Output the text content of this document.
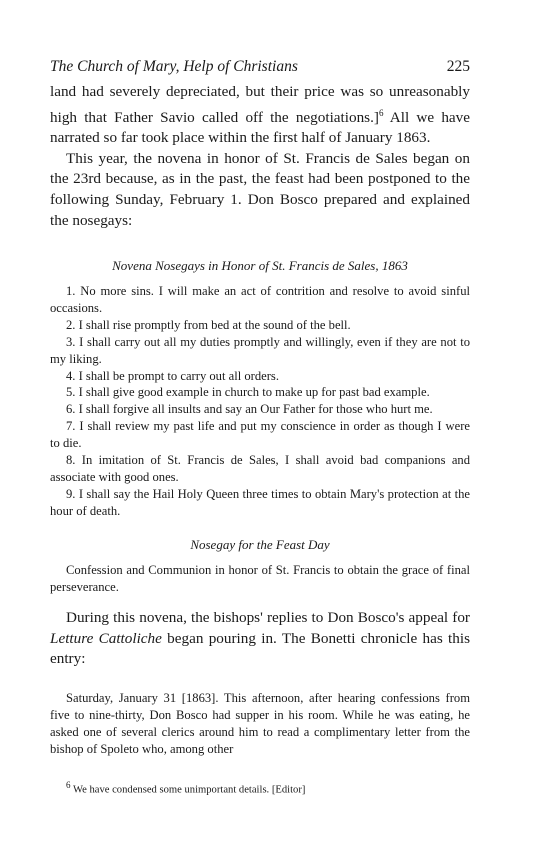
The Church of Mary, Help of Christians	225

land had severely depreciated, but their price was so unreasonably high that Father Savio called off the negotiations.]$^6$ All we have narrated so far took place within the first half of January 1863.

This year, the novena in honor of St. Francis de Sales began on the 23rd because, as in the past, the feast had been postponed to the following Sunday, February 1. Don Bosco prepared and explained the nosegays:

Novena Nosegays in Honor of St. Francis de Sales, 1863

1. No more sins. I will make an act of contrition and resolve to avoid sinful occasions.

2. I shall rise promptly from bed at the sound of the bell.

3. I shall carry out all my duties promptly and willingly, even if they are not to my liking.

4. I shall be prompt to carry out all orders.

5. I shall give good example in church to make up for past bad example.

6. I shall forgive all insults and say an Our Father for those who hurt me.

7. I shall review my past life and put my conscience in order as though I were to die.

8. In imitation of St. Francis de Sales, I shall avoid bad companions and associate with good ones.

9. I shall say the Hail Holy Queen three times to obtain Mary's protection at the hour of death.

Nosegay for the Feast Day

Confession and Communion in honor of St. Francis to obtain the grace of final perseverance.

During this novena, the bishops' replies to Don Bosco's appeal for Letture Cattoliche began pouring in. The Bonetti chronicle has this entry:

Saturday, January 31 [1863]. This afternoon, after hearing confessions from five to nine-thirty, Don Bosco had supper in his room. While he was eating, he asked one of several clerics around him to read a complimentary letter from the bishop of Spoleto who, among other

$^6$ We have condensed some unimportant details. [Editor]
